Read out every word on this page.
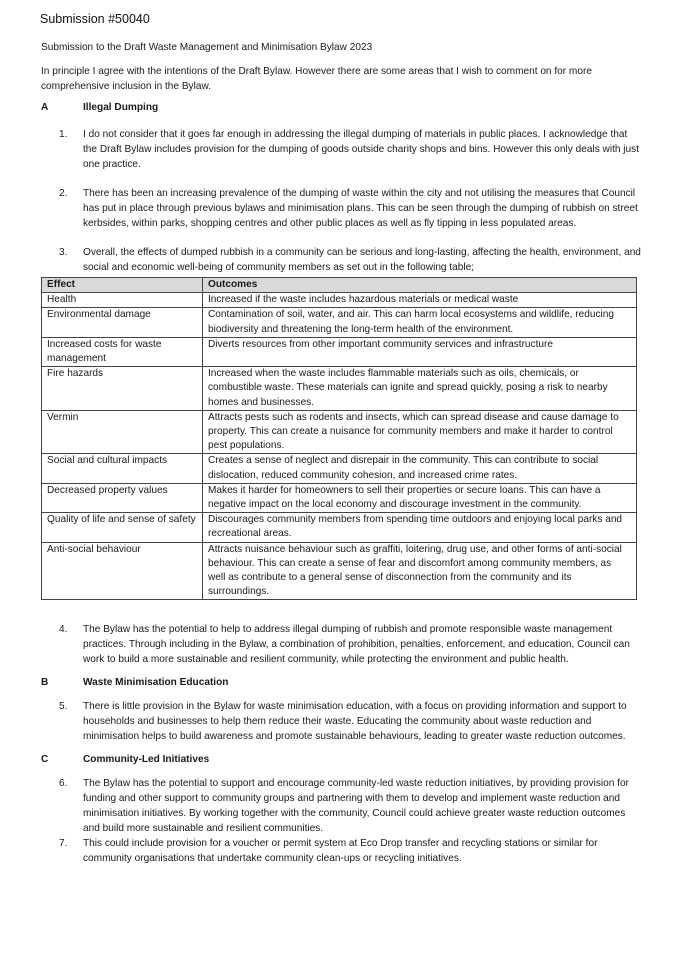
Submission #50040

Submission to the Draft Waste Management and Minimisation Bylaw 2023

In principle I agree with the intentions of the Draft Bylaw. However there are some areas that I wish to comment on for more comprehensive inclusion in the Bylaw.

A	Illegal Dumping
1.	I do not consider that it goes far enough in addressing the illegal dumping of materials in public places. I acknowledge that the Draft Bylaw includes provision for the dumping of goods outside charity shops and bins. However this only deals with just one practice.
2.	There has been an increasing prevalence of the dumping of waste within the city and not utilising the measures that Council has put in place through previous bylaws and minimisation plans. This can be seen through the dumping of rubbish on street kerbsides, within parks, shopping centres and other public places as well as fly tipping in less populated areas.
3.	Overall, the effects of dumped rubbish in a community can be serious and long-lasting, affecting the health, environment, and social and economic well-being of community members as set out in the following table;
Effect	Outcomes
Health	Increased if the waste includes hazardous materials or medical waste
Environmental damage	Contamination of soil, water, and air. This can harm local ecosystems and wildlife, reducing biodiversity and threatening the long-term health of the environment.
Increased costs for waste management	Diverts resources from other important community services and infrastructure
Fire hazards	Increased when the waste includes flammable materials such as oils, chemicals, or combustible waste. These materials can ignite and spread quickly, posing a risk to nearby homes and businesses.
Vermin	Attracts pests such as rodents and insects, which can spread disease and cause damage to property. This can create a nuisance for community members and make it harder to control pest populations.
Social and cultural impacts	Creates a sense of neglect and disrepair in the community. This can contribute to social dislocation, reduced community cohesion, and increased crime rates.
Decreased property values	Makes it harder for homeowners to sell their properties or secure loans. This can have a negative impact on the local economy and discourage investment in the community.
Quality of life and sense of safety	Discourages community members from spending time outdoors and enjoying local parks and recreational areas.
Anti-social behaviour	Attracts nuisance behaviour such as graffiti, loitering, drug use, and other forms of anti-social behaviour. This can create a sense of fear and discomfort among community members, as well as contribute to a general sense of disconnection from the community and its surroundings.
4.	The Bylaw has the potential to help to address illegal dumping of rubbish and promote responsible waste management practices. Through including in the Bylaw, a combination of prohibition, penalties, enforcement, and education, Council can work to build a more sustainable and resilient community, while protecting the environment and public health.
B	Waste Minimisation Education
5.	There is little provision in the Bylaw for waste minimisation education, with a focus on providing information and support to households and businesses to help them reduce their waste. Educating the community about waste reduction and minimisation helps to build awareness and promote sustainable behaviours, leading to greater waste reduction outcomes.
C	Community-Led Initiatives
6.	The Bylaw has the potential to support and encourage community-led waste reduction initiatives, by providing provision for funding and other support to community groups and partnering with them to develop and implement waste reduction and minimisation initiatives. By working together with the community, Council could achieve greater waste reduction outcomes and build more sustainable and resilient communities.
7.	This could include provision for a voucher or permit system at Eco Drop transfer and recycling stations or similar for community organisations that undertake community clean-ups or recycling initiatives.
